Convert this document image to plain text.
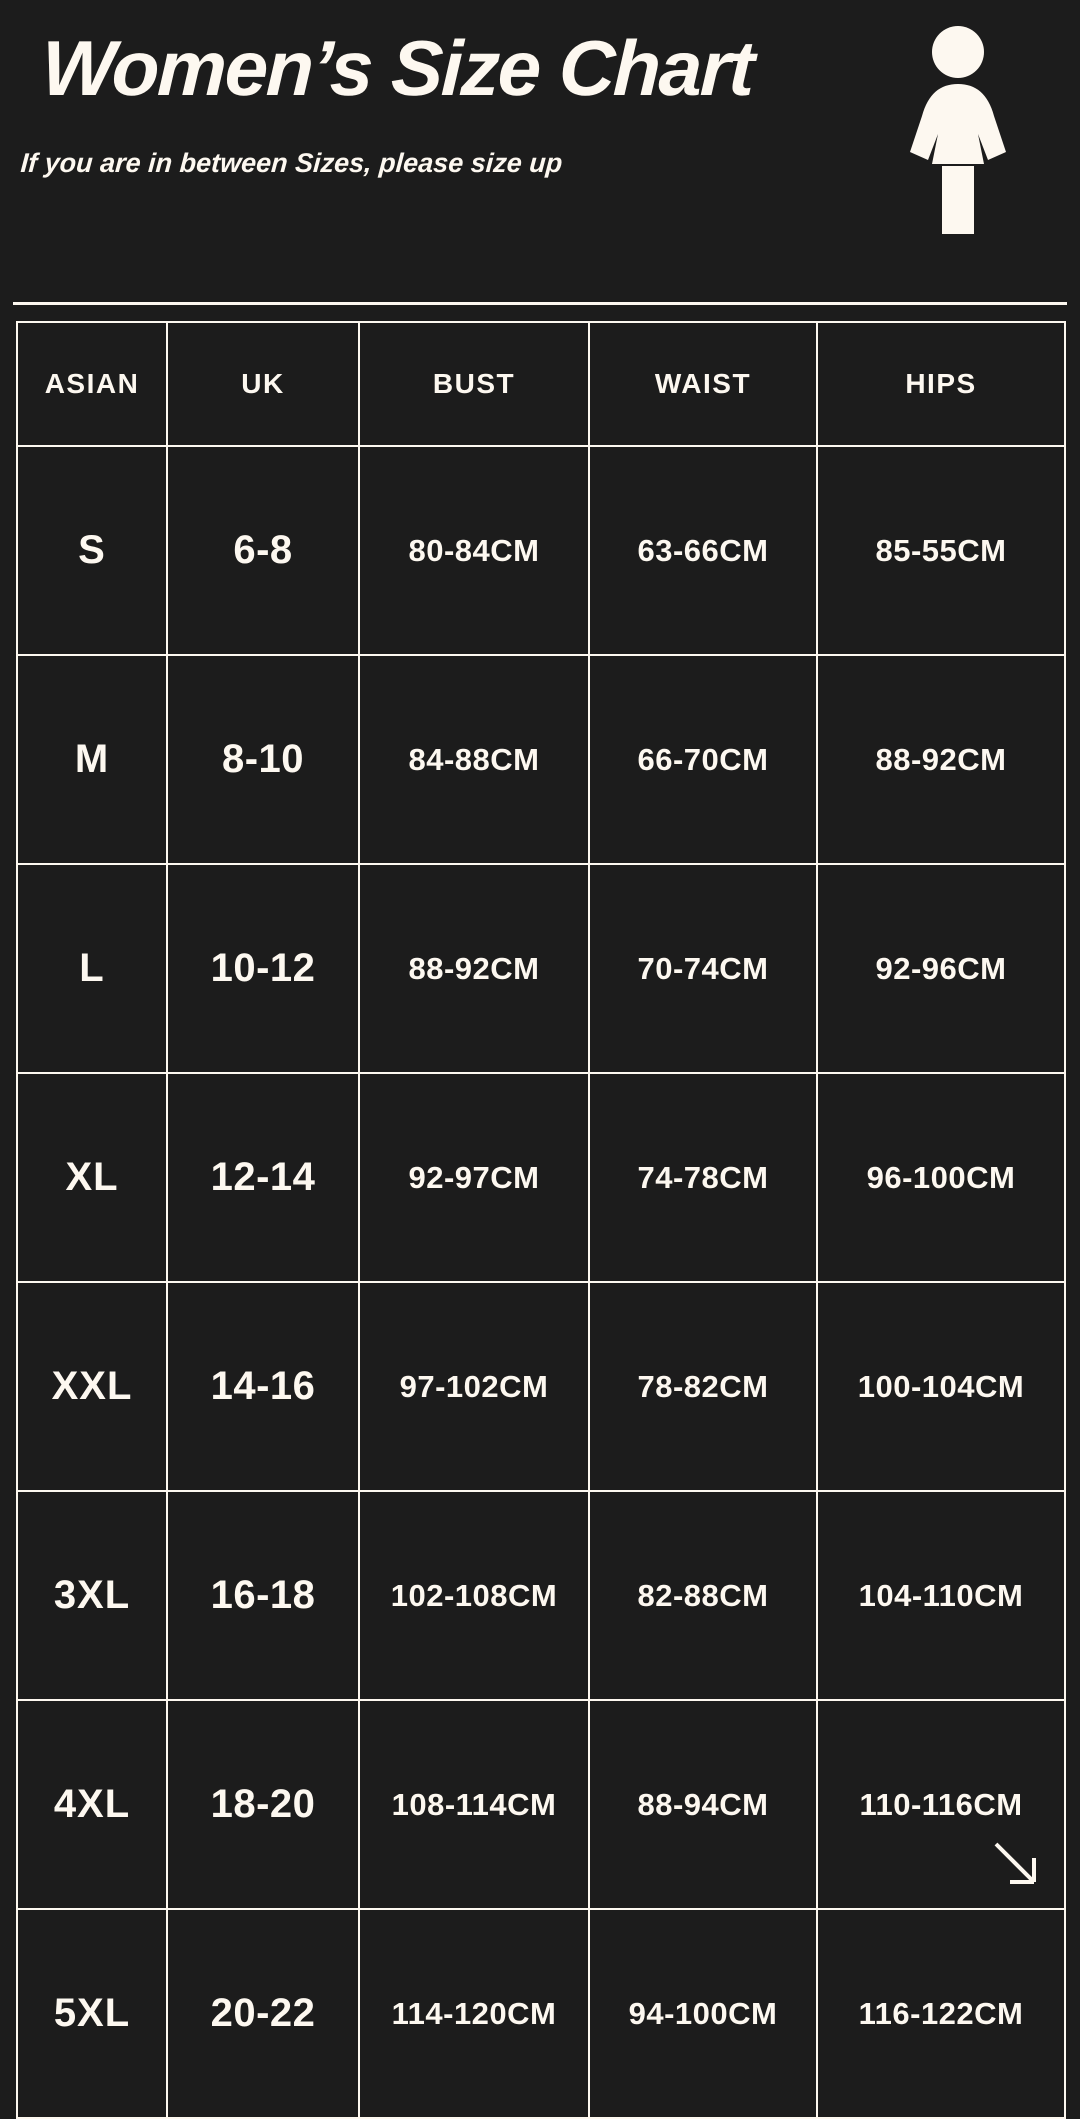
Women’s Size Chart
If you are in between Sizes, please size up
ASIAN	UK	BUST	WAIST	HIPS
S	6-8	80-84CM	63-66CM	85-55CM
M	8-10	84-88CM	66-70CM	88-92CM
L	10-12	88-92CM	70-74CM	92-96CM
XL	12-14	92-97CM	74-78CM	96-100CM
XXL	14-16	97-102CM	78-82CM	100-104CM
3XL	16-18	102-108CM	82-88CM	104-110CM
4XL	18-20	108-114CM	88-94CM	110-116CM
5XL	20-22	114-120CM	94-100CM	116-122CM
